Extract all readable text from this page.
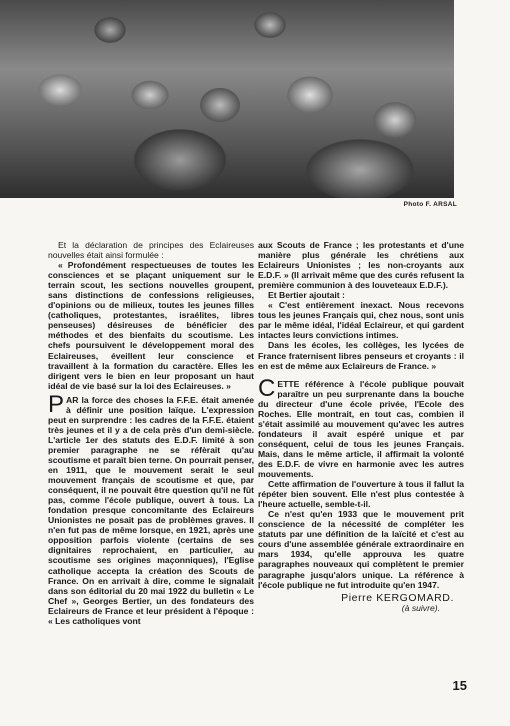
Photo F. ARSAL

Et la déclaration de principes des Eclaireuses nouvelles était ainsi formulée :

« Profondément respectueuses de toutes les consciences et se plaçant uniquement sur le terrain scout, les sections nouvelles groupent, sans distinctions de confessions religieuses, d'opinions ou de milieux, toutes les jeunes filles (catholiques, protestantes, israélites, libres penseuses) désireuses de bénéficier des méthodes et des bienfaits du scoutisme. Les chefs poursuivent le développement moral des Eclaireuses, éveillent leur conscience et travaillent à la formation du caractère. Elles les dirigent vers le bien en leur proposant un haut idéal de vie basé sur la loi des Eclaireuses. »

PAR la force des choses la F.F.E. était amenée à définir une position laïque. L'expression peut en surprendre : les cadres de la F.F.E. étaient très jeunes et il y a de cela près d'un demi-siècle. L'article 1er des statuts des E.D.F. limité à son premier paragraphe ne se réfèrait qu'au scoutisme et paraît bien terne. On pourrait penser, en 1911, que le mouvement serait le seul mouvement français de scoutisme et que, par conséquent, il ne pouvait être question qu'il ne fût pas, comme l'école publique, ouvert à tous. La fondation presque concomitante des Eclaireurs Unionistes ne posait pas de problèmes graves. Il n'en fut pas de même lorsque, en 1921, après une opposition parfois violente (certains de ses dignitaires reprochaient, en particulier, au scoutisme ses origines maçonniques), l'Eglise catholique accepta la création des Scouts de France. On en arrivait à dire, comme le signalait dans son éditorial du 20 mai 1922 du bulletin « Le Chef », Georges Bertier, un des fondateurs des Eclaireurs de France et leur président à l'époque : « Les catholiques vont

aux Scouts de France ; les protestants et d'une manière plus générale les chrétiens aux Eclaireurs Unionistes ; les non-croyants aux E.D.F. » (Il arrivait même que des curés refusent la première communion à des louveteaux E.D.F.).

Et Bertier ajoutait :

« C'est entièrement inexact. Nous recevons tous les jeunes Français qui, chez nous, sont unis par le même idéal, l'idéal Eclaireur, et qui gardent intactes leurs convictions intimes.

Dans les écoles, les collèges, les lycées de France fraternisent libres penseurs et croyants : il en est de même aux Eclaireurs de France. »

CETTE référence à l'école publique pouvait paraître un peu surprenante dans la bouche du directeur d'une école privée, l'Ecole des Roches. Elle montrait, en tout cas, combien il s'était assimilé au mouvement qu'avec les autres fondateurs il avait espéré unique et par conséquent, celui de tous les jeunes Français. Mais, dans le même article, il affirmait la volonté des E.D.F. de vivre en harmonie avec les autres mouvements.

Cette affirmation de l'ouverture à tous il fallut la répéter bien souvent. Elle n'est plus contestée à l'heure actuelle, semble-t-il.

Ce n'est qu'en 1933 que le mouvement prit conscience de la nécessité de compléter les statuts par une définition de la laïcité et c'est au cours d'une assemblée générale extraordinaire en mars 1934, qu'elle approuva les quatre paragraphes nouveaux qui complètent le premier paragraphe jusqu'alors unique. La référence à l'école publique ne fut introduite qu'en 1947.

Pierre KERGOMARD.

(à suivre).

15
